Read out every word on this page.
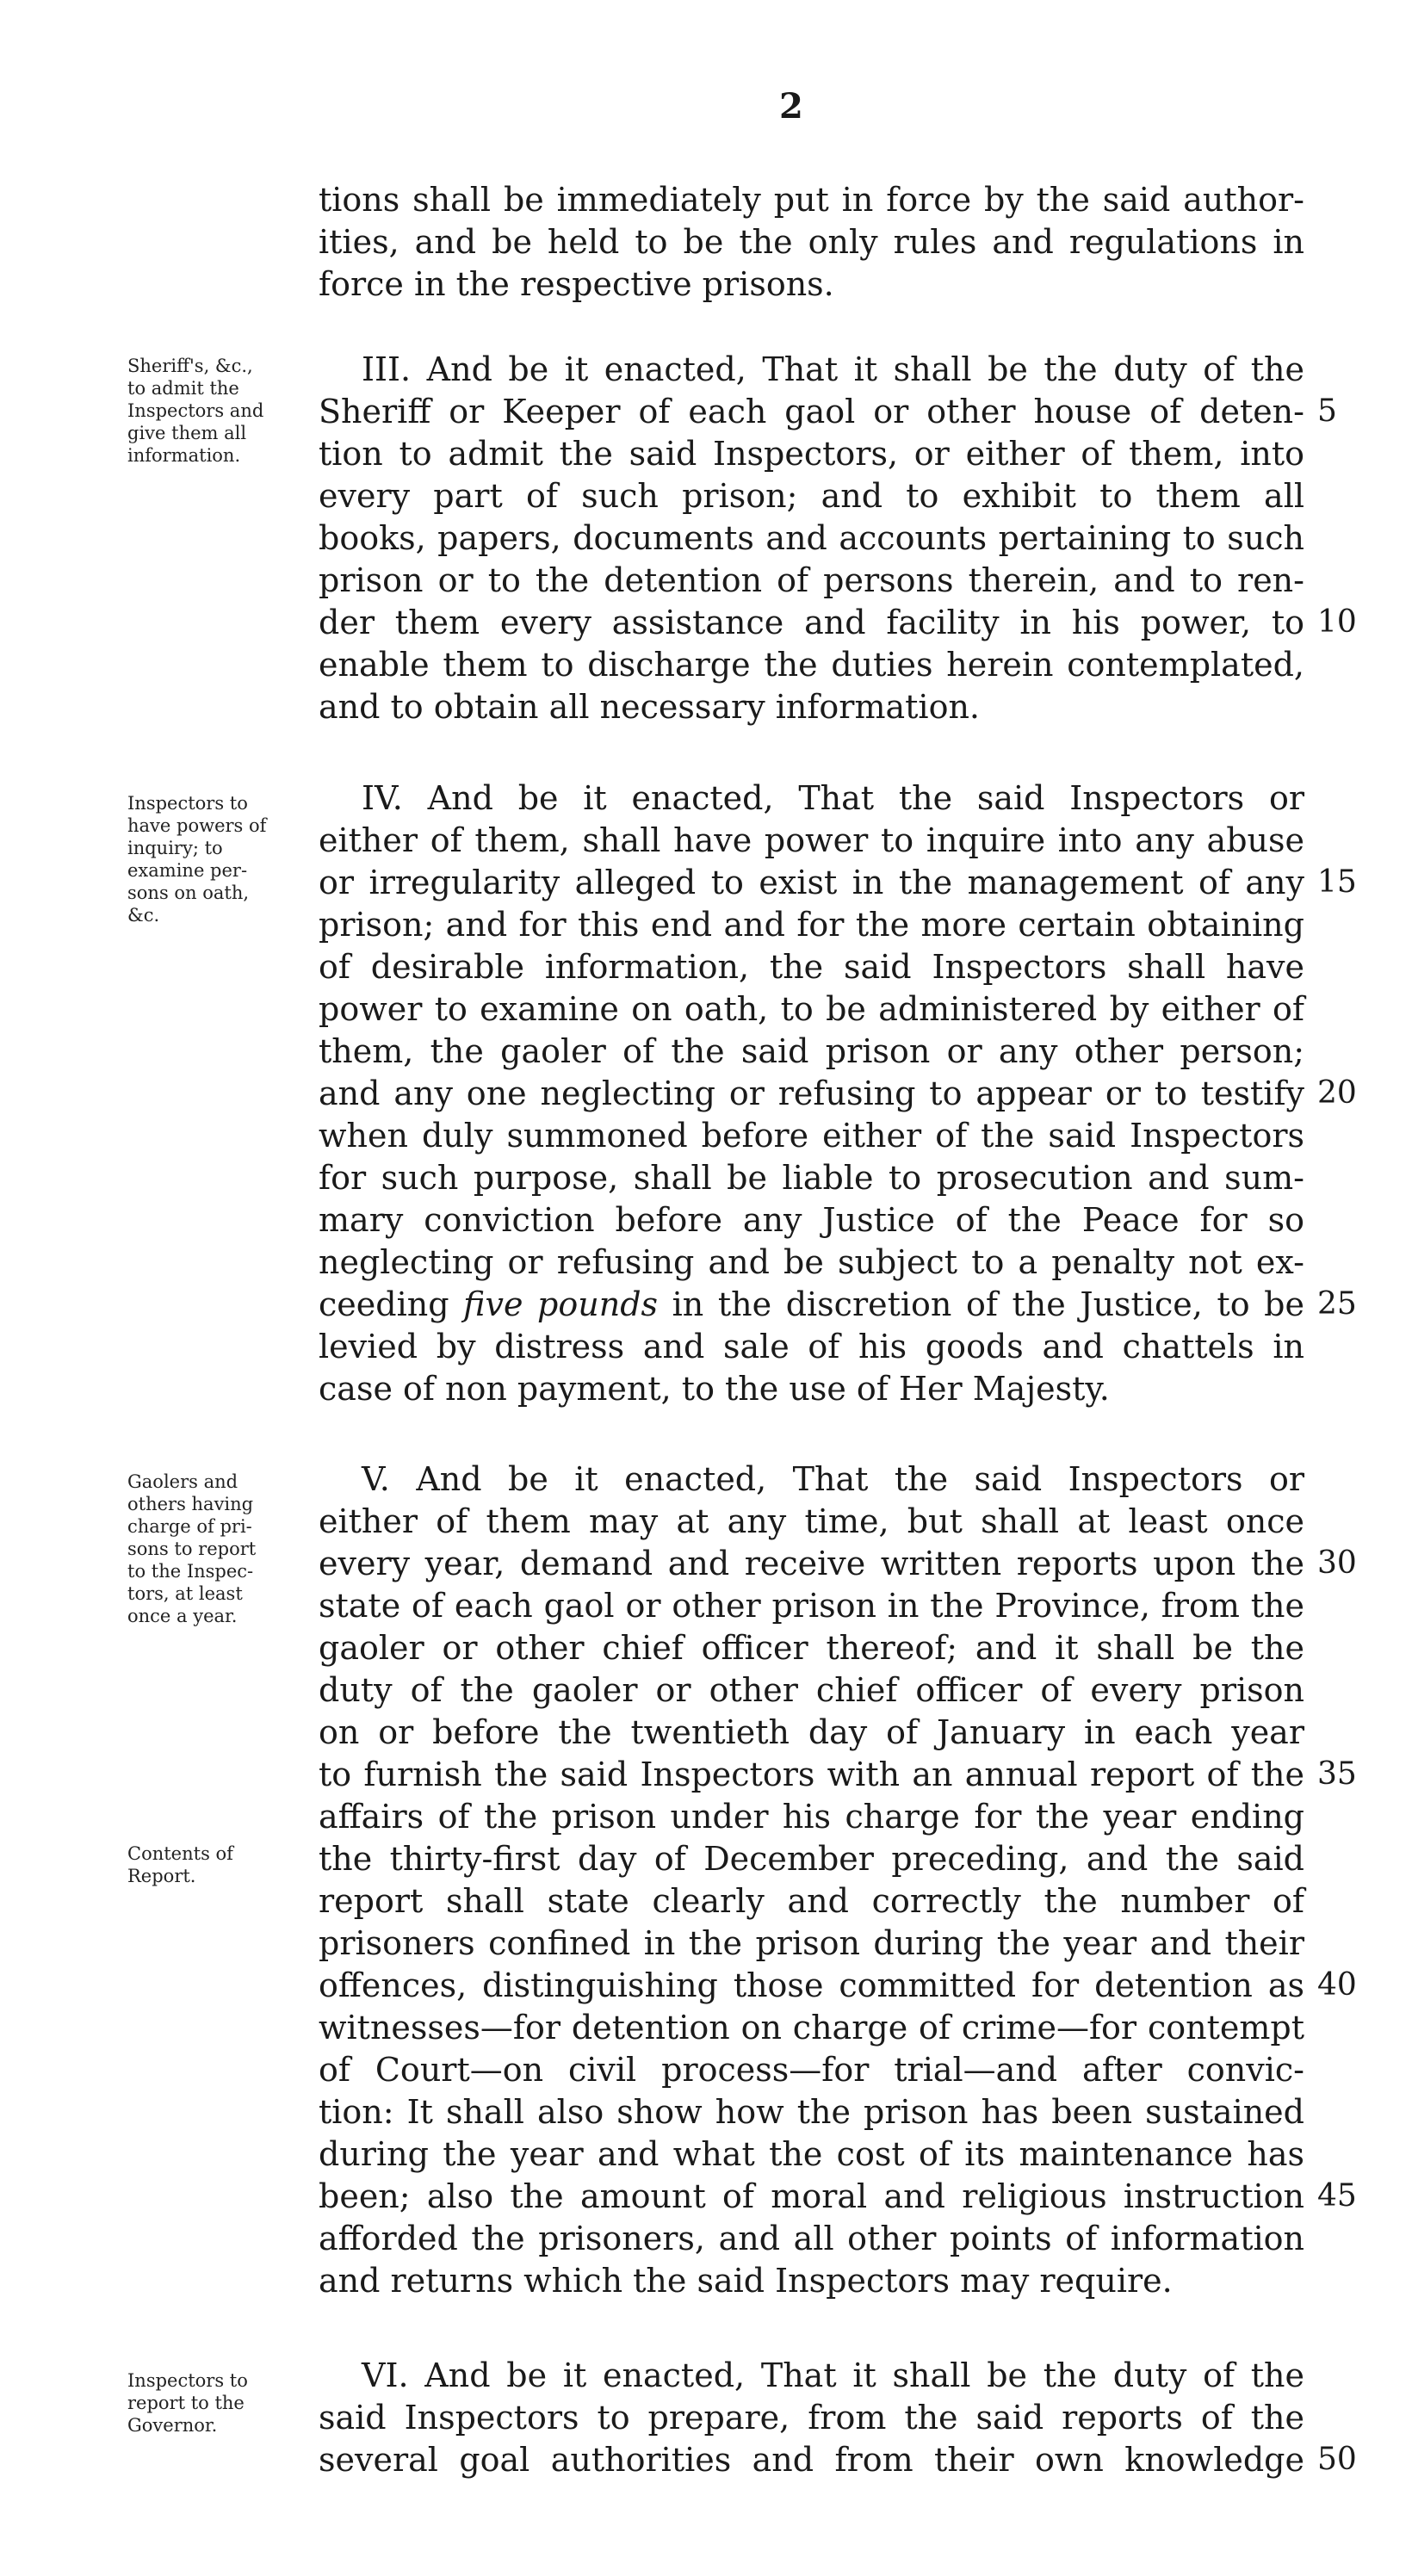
2
tions shall be immediately put in force by the said author-
ities, and be held to be the only rules and regulations in
force in the respective prisons.
Sheriff's, &c.,
to admit the
Inspectors and
give them all
information.
III. And be it enacted, That it shall be the duty of the
Sheriff or Keeper of each gaol or other house of deten- 5
tion to admit the said Inspectors, or either of them, into
every part of such prison; and to exhibit to them all
books, papers, documents and accounts pertaining to such
prison or to the detention of persons therein, and to ren-
der them every assistance and facility in his power, to 10
enable them to discharge the duties herein contemplated,
and to obtain all necessary information.
Inspectors to
have powers of
inquiry; to
examine per-
sons on oath,
&c.
IV. And be it enacted, That the said Inspectors or
either of them, shall have power to inquire into any abuse
or irregularity alleged to exist in the management of any 15
prison; and for this end and for the more certain obtaining
of desirable information, the said Inspectors shall have
power to examine on oath, to be administered by either of
them, the gaoler of the said prison or any other person;
and any one neglecting or refusing to appear or to testify 20
when duly summoned before either of the said Inspectors
for such purpose, shall be liable to prosecution and sum-
mary conviction before any Justice of the Peace for so
neglecting or refusing and be subject to a penalty not ex-
ceeding five pounds in the discretion of the Justice, to be 25
levied by distress and sale of his goods and chattels in
case of non payment, to the use of Her Majesty.
Gaolers and
others having
charge of pri-
sons to report
to the Inspec-
tors, at least
once a year.
V. And be it enacted, That the said Inspectors or
either of them may at any time, but shall at least once
every year, demand and receive written reports upon the 30
state of each gaol or other prison in the Province, from the
gaoler or other chief officer thereof; and it shall be the
duty of the gaoler or other chief officer of every prison
on or before the twentieth day of January in each year
to furnish the said Inspectors with an annual report of the 35
Contents of
Report.
affairs of the prison under his charge for the year ending
the thirty-first day of December preceding, and the said
report shall state clearly and correctly the number of
prisoners confined in the prison during the year and their
offences, distinguishing those committed for detention as 40
witnesses—for detention on charge of crime—for contempt
of Court—on civil process—for trial—and after convic-
tion: It shall also show how the prison has been sustained
during the year and what the cost of its maintenance has
been; also the amount of moral and religious instruction 45
afforded the prisoners, and all other points of information
and returns which the said Inspectors may require.
Inspectors to
report to the
Governor.
VI. And be it enacted, That it shall be the duty of the
said Inspectors to prepare, from the said reports of the
several goal authorities and from their own knowledge 50
